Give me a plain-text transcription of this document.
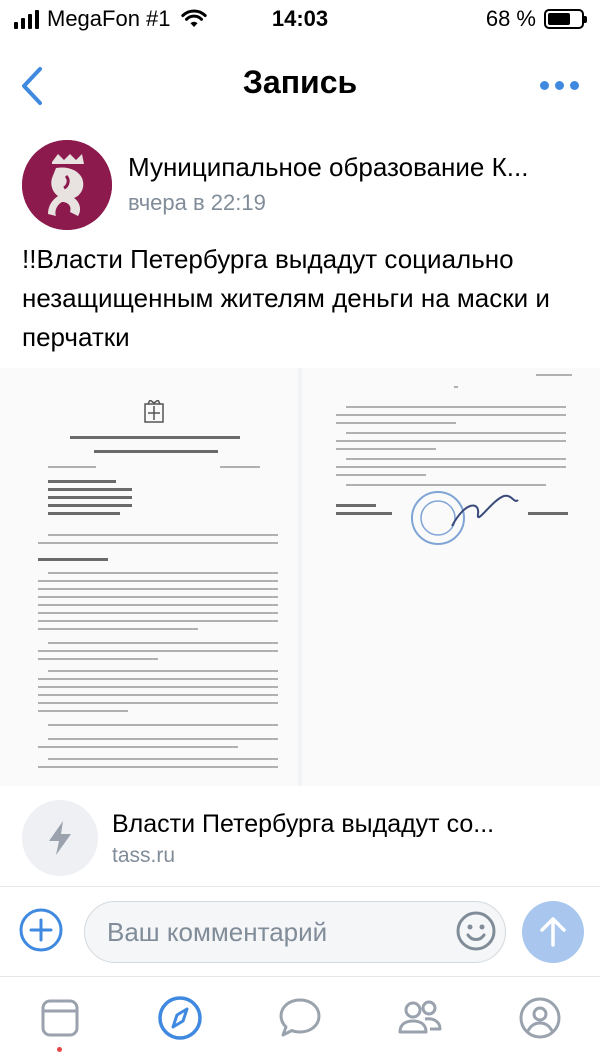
MegaFon #1	14:03	68 %
Запись
Муниципальное образование К...
вчера в 22:19
!!Власти Петербурга выдадут социально незащищенным жителям деньги на маски и перчатки
Власти Петербурга выдадут со...
tass.ru
Ваш комментарий
